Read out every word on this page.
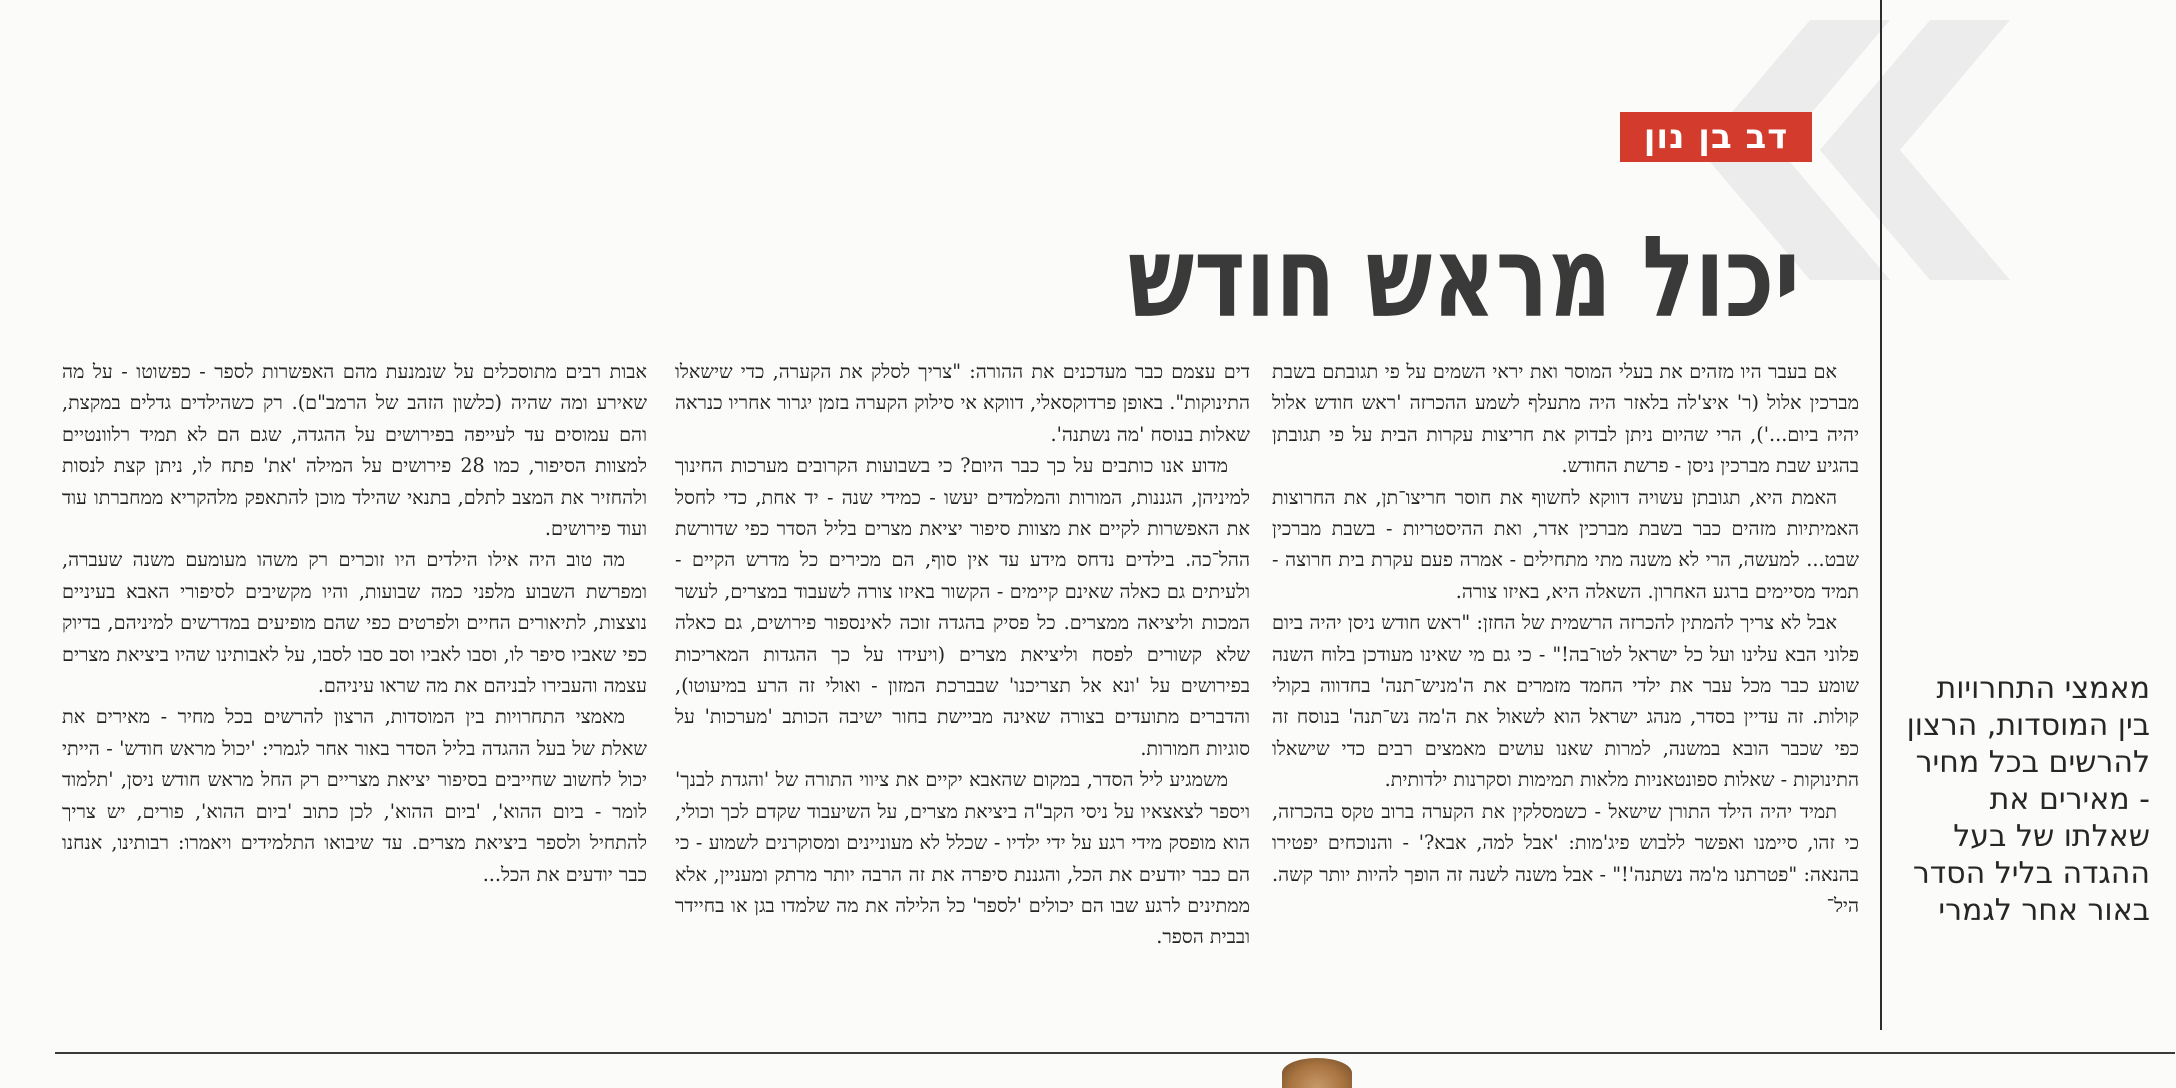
דב בן נון
יכול מראש חודש

אם בעבר היו מזהים את בעלי המוסר ואת יראי השמים על פי תגובתם בשבת מברכין אלול (ר' איצ'לה בלאזר היה מתעלף לשמע ההכרזה 'ראש חודש אלול יהיה ביום...'), הרי שהיום ניתן לבדוק את חריצות עקרות הבית על פי תגובתן בהגיע שבת מברכין ניסן - פרשת החודש.

האמת היא, תגובתן עשויה דווקא לחשוף את חוסר חריצו־תן, את החרוצות האמיתיות מזהים כבר בשבת מברכין אדר, ואת ההיסטריות - בשבת מברכין שבט... למעשה, הרי לא משנה מתי מתחילים - אמרה פעם עקרת בית חרוצה - תמיד מסיימים ברגע האחרון. השאלה היא, באיזו צורה.

אבל לא צריך להמתין להכרזה הרשמית של החזן: "ראש חודש ניסן יהיה ביום פלוני הבא עלינו ועל כל ישראל לטו־בה!" - כי גם מי שאינו מעודכן בלוח השנה שומע כבר מכל עבר את ילדי החמד מזמרים את ה'מניש־תנה' בחדווה בקולי קולות. זה עדיין בסדר, מנהג ישראל הוא לשאול את ה'מה נש־תנה' בנוסח זה כפי שכבר הובא במשנה, למרות שאנו עושים מאמצים רבים כדי שישאלו התינוקות - שאלות ספונטאניות מלאות תמימות וסקרנות ילדותית.

תמיד יהיה הילד התורן שישאל - כשמסלקין את הקערה ברוב טקס בהכרזה, כי זהו, סיימנו ואפשר ללבוש פיג'מות: 'אבל למה, אבא?' - והנוכחים יפטירו בהנאה: "פטרתנו מ'מה נשתנה'!" - אבל משנה לשנה זה הופך להיות יותר קשה. היל־

דים עצמם כבר מעדכנים את ההורה: "צריך לסלק את הקערה, כדי שישאלו התינוקות". באופן פרדוקסאלי, דווקא אי סילוק הקערה בזמן יגרור אחריו כנראה שאלות בנוסח 'מה נשתנה'.

מדוע אנו כותבים על כך כבר היום? כי בשבועות הקרובים מערכות החינוך למיניהן, הגננות, המורות והמלמדים יעשו - כמידי שנה - יד אחת, כדי לחסל את האפשרות לקיים את מצוות סיפור יציאת מצרים בליל הסדר כפי שדורשת ההל־כה. בילדים נדחס מידע עד אין סוף, הם מכירים כל מדרש הקיים - ולעיתים גם כאלה שאינם קיימים - הקשור באיזו צורה לשעבוד במצרים, לעשר המכות וליציאה ממצרים. כל פסיק בהגדה זוכה לאינספור פירושים, גם כאלה שלא קשורים לפסח וליציאת מצרים (ויעידו על כך ההגדות המאריכות בפירושים על 'ונא אל תצריכנו' שבברכת המזון - ואולי זה הרע במיעוטו), והדברים מתועדים בצורה שאינה מביישת בחור ישיבה הכותב 'מערכות' על סוגיות חמורות.

משמגיע ליל הסדר, במקום שהאבא יקיים את ציווי התורה של 'והגדת לבנך' ויספר לצאצאיו על ניסי הקב"ה ביציאת מצרים, על השיעבוד שקדם לכך וכולי, הוא מופסק מידי רגע על ידי ילדיו - שכלל לא מעוניינים ומסוקרנים לשמוע - כי הם כבר יודעים את הכל, והגננת סיפרה את זה הרבה יותר מרתק ומעניין, אלא ממתינים לרגע שבו הם יכולים 'לספר' כל הלילה את מה שלמדו בגן או בחיידר ובבית הספר.

אבות רבים מתוסכלים על שנמנעת מהם האפשרות לספר - כפשוטו - על מה שאירע ומה שהיה (כלשון הזהב של הרמב"ם). רק כשהילדים גדלים במקצת, והם עמוסים עד לעייפה בפירושים על ההגדה, שגם הם לא תמיד רלוונטיים למצוות הסיפור, כמו 28 פירושים על המילה 'את' פתח לו, ניתן קצת לנסות ולהחזיר את המצב לתלם, בתנאי שהילד מוכן להתאפק מלהקריא ממחברתו עוד ועוד פירושים.

מה טוב היה אילו הילדים היו זוכרים רק משהו מעומעם משנה שעברה, ומפרשת השבוע מלפני כמה שבועות, והיו מקשיבים לסיפורי האבא בעיניים נוצצות, לתיאורים החיים ולפרטים כפי שהם מופיעים במדרשים למיניהם, בדיוק כפי שאביו סיפר לו, וסבו לאביו וסב סבו לסבו, על לאבותינו שהיו ביציאת מצרים עצמה והעבירו לבניהם את מה שראו עיניהם.

מאמצי התחרויות בין המוסדות, הרצון להרשים בכל מחיר - מאירים את שאלת של בעל ההגדה בליל הסדר באור אחר לגמרי: 'יכול מראש חודש' - הייתי יכול לחשוב שחייבים בסיפור יציאת מצריים רק החל מראש חודש ניסן, 'תלמוד לומר - ביום ההוא', 'ביום ההוא', לכן כתוב 'ביום ההוא', פורים, יש צריך להתחיל ולספר ביציאת מצרים. עד שיבואו התלמידים ויאמרו: רבותינו, אנחנו כבר יודעים את הכל...

מאמצי התחרויות בין המוסדות, הרצון להרשים בכל מחיר - מאירים את שאלתו של בעל ההגדה בליל הסדר באור אחר לגמרי
